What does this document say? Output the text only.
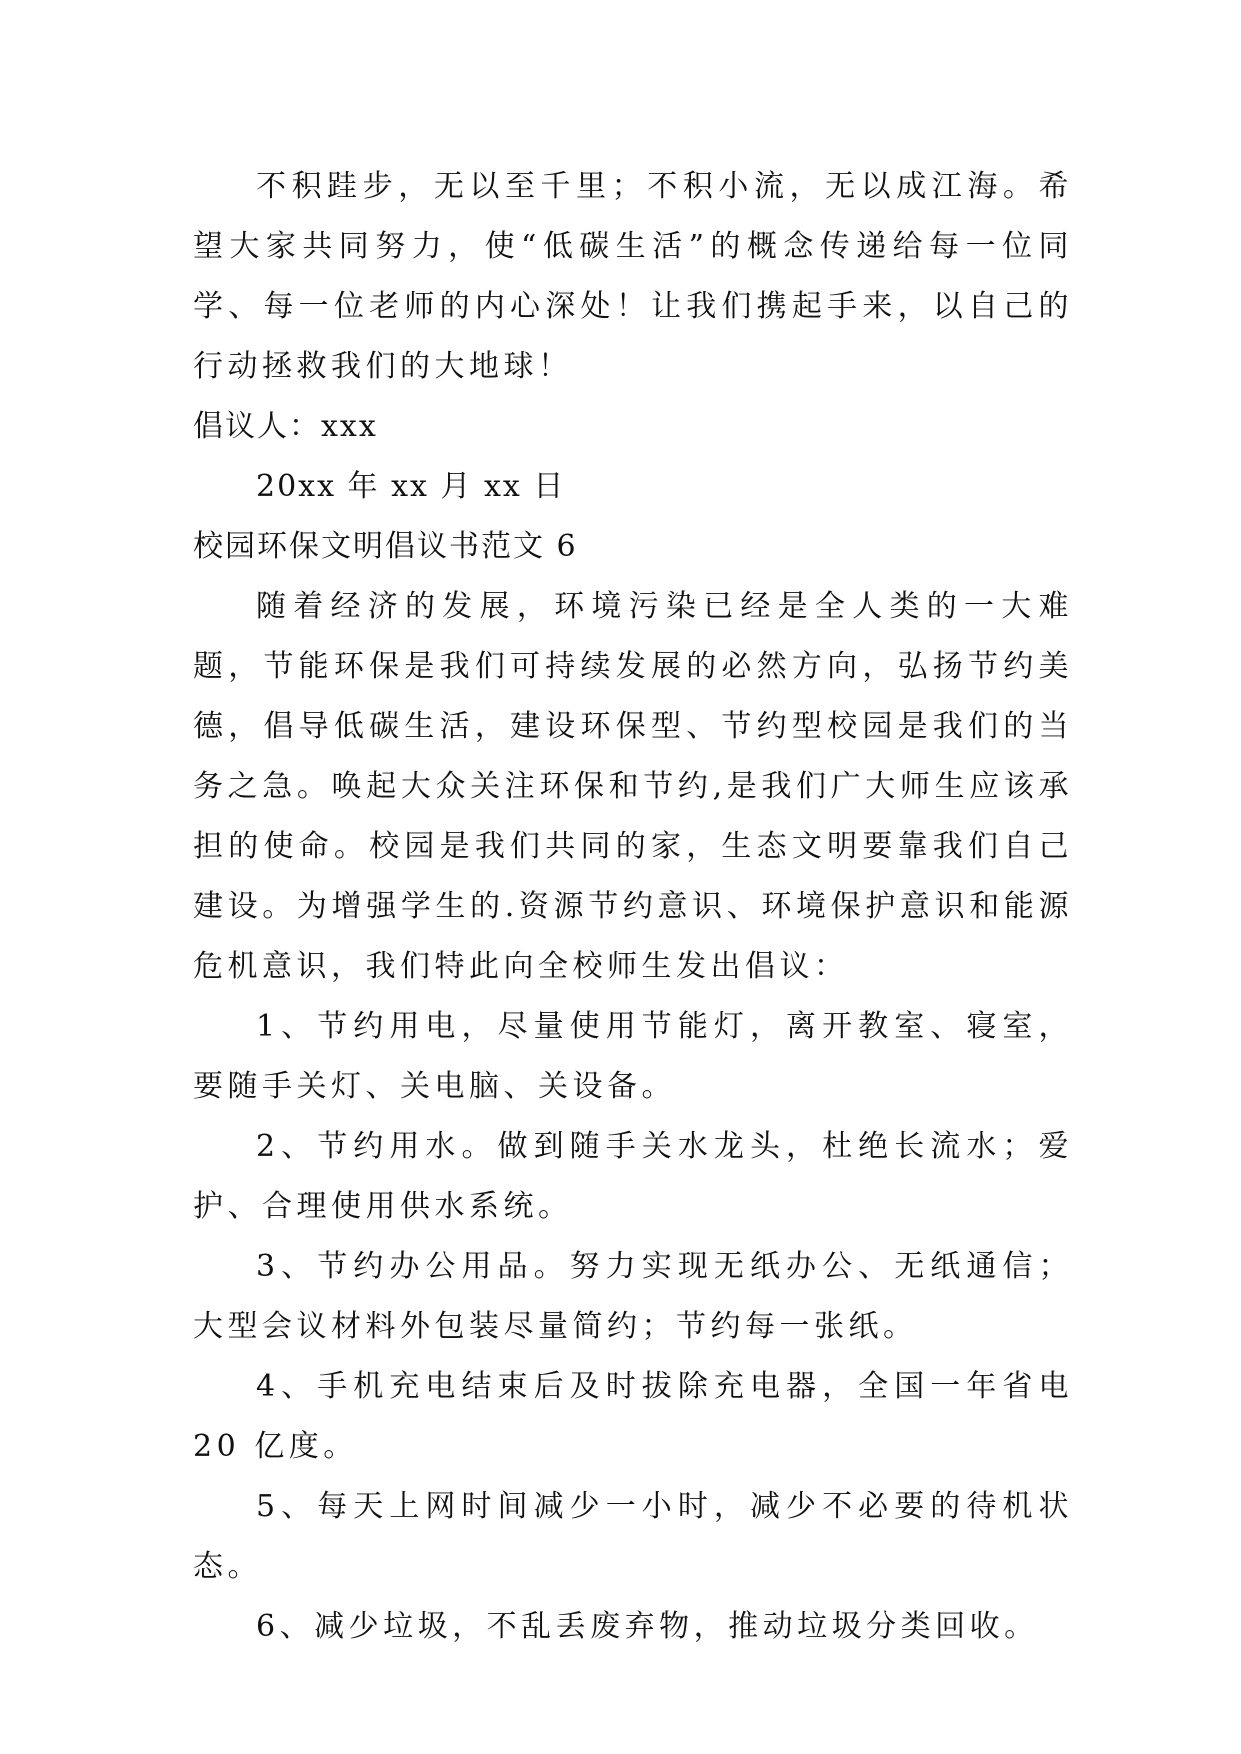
不积跬步，无以至千里；不积小流，无以成江海。希望大家共同努力，使“低碳生活”的概念传递给每一位同学、每一位老师的内心深处！让我们携起手来，以自己的行动拯救我们的大地球！

倡议人：xxx

20xx 年 xx 月 xx 日

校园环保文明倡议书范文 6

随着经济的发展，环境污染已经是全人类的一大难题，节能环保是我们可持续发展的必然方向，弘扬节约美德，倡导低碳生活，建设环保型、节约型校园是我们的当务之急。唤起大众关注环保和节约,是我们广大师生应该承担的使命。校园是我们共同的家，生态文明要靠我们自己建设。为增强学生的.资源节约意识、环境保护意识和能源危机意识，我们特此向全校师生发出倡议：

1、节约用电，尽量使用节能灯，离开教室、寝室，要随手关灯、关电脑、关设备。

2、节约用水。做到随手关水龙头，杜绝长流水；爱护、合理使用供水系统。

3、节约办公用品。努力实现无纸办公、无纸通信；大型会议材料外包装尽量简约；节约每一张纸。

4、手机充电结束后及时拔除充电器，全国一年省电 20 亿度。

5、每天上网时间减少一小时，减少不必要的待机状态。

6、减少垃圾，不乱丢废弃物，推动垃圾分类回收。
